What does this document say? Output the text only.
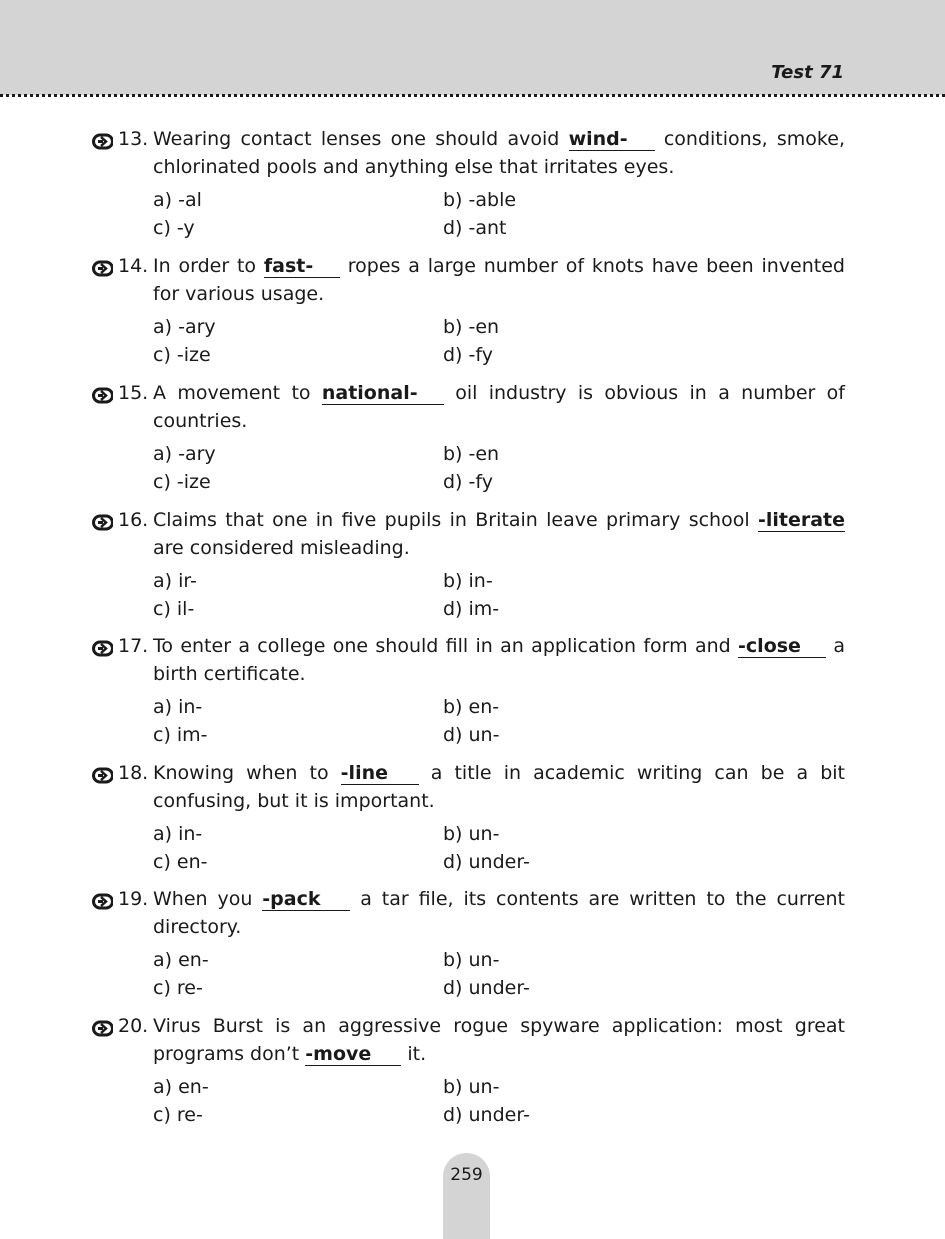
Test 71
13. Wearing contact lenses one should avoid wind- conditions, smoke, chlorinated pools and anything else that irritates eyes.
a) -al	b) -able
c) -y	d) -ant
14. In order to fast- ropes a large number of knots have been invented for various usage.
a) -ary	b) -en
c) -ize	d) -fy
15. A movement to national- oil industry is obvious in a number of countries.
a) -ary	b) -en
c) -ize	d) -fy
16. Claims that one in five pupils in Britain leave primary school -literate are considered misleading.
a) ir-	b) in-
c) il-	d) im-
17. To enter a college one should fill in an application form and -close a birth certificate.
a) in-	b) en-
c) im-	d) un-
18. Knowing when to -line a title in academic writing can be a bit confusing, but it is important.
a) in-	b) un-
c) en-	d) under-
19. When you -pack a tar file, its contents are written to the current directory.
a) en-	b) un-
c) re-	d) under-
20. Virus Burst is an aggressive rogue spyware application: most great programs don’t -move it.
a) en-	b) un-
c) re-	d) under-
259
